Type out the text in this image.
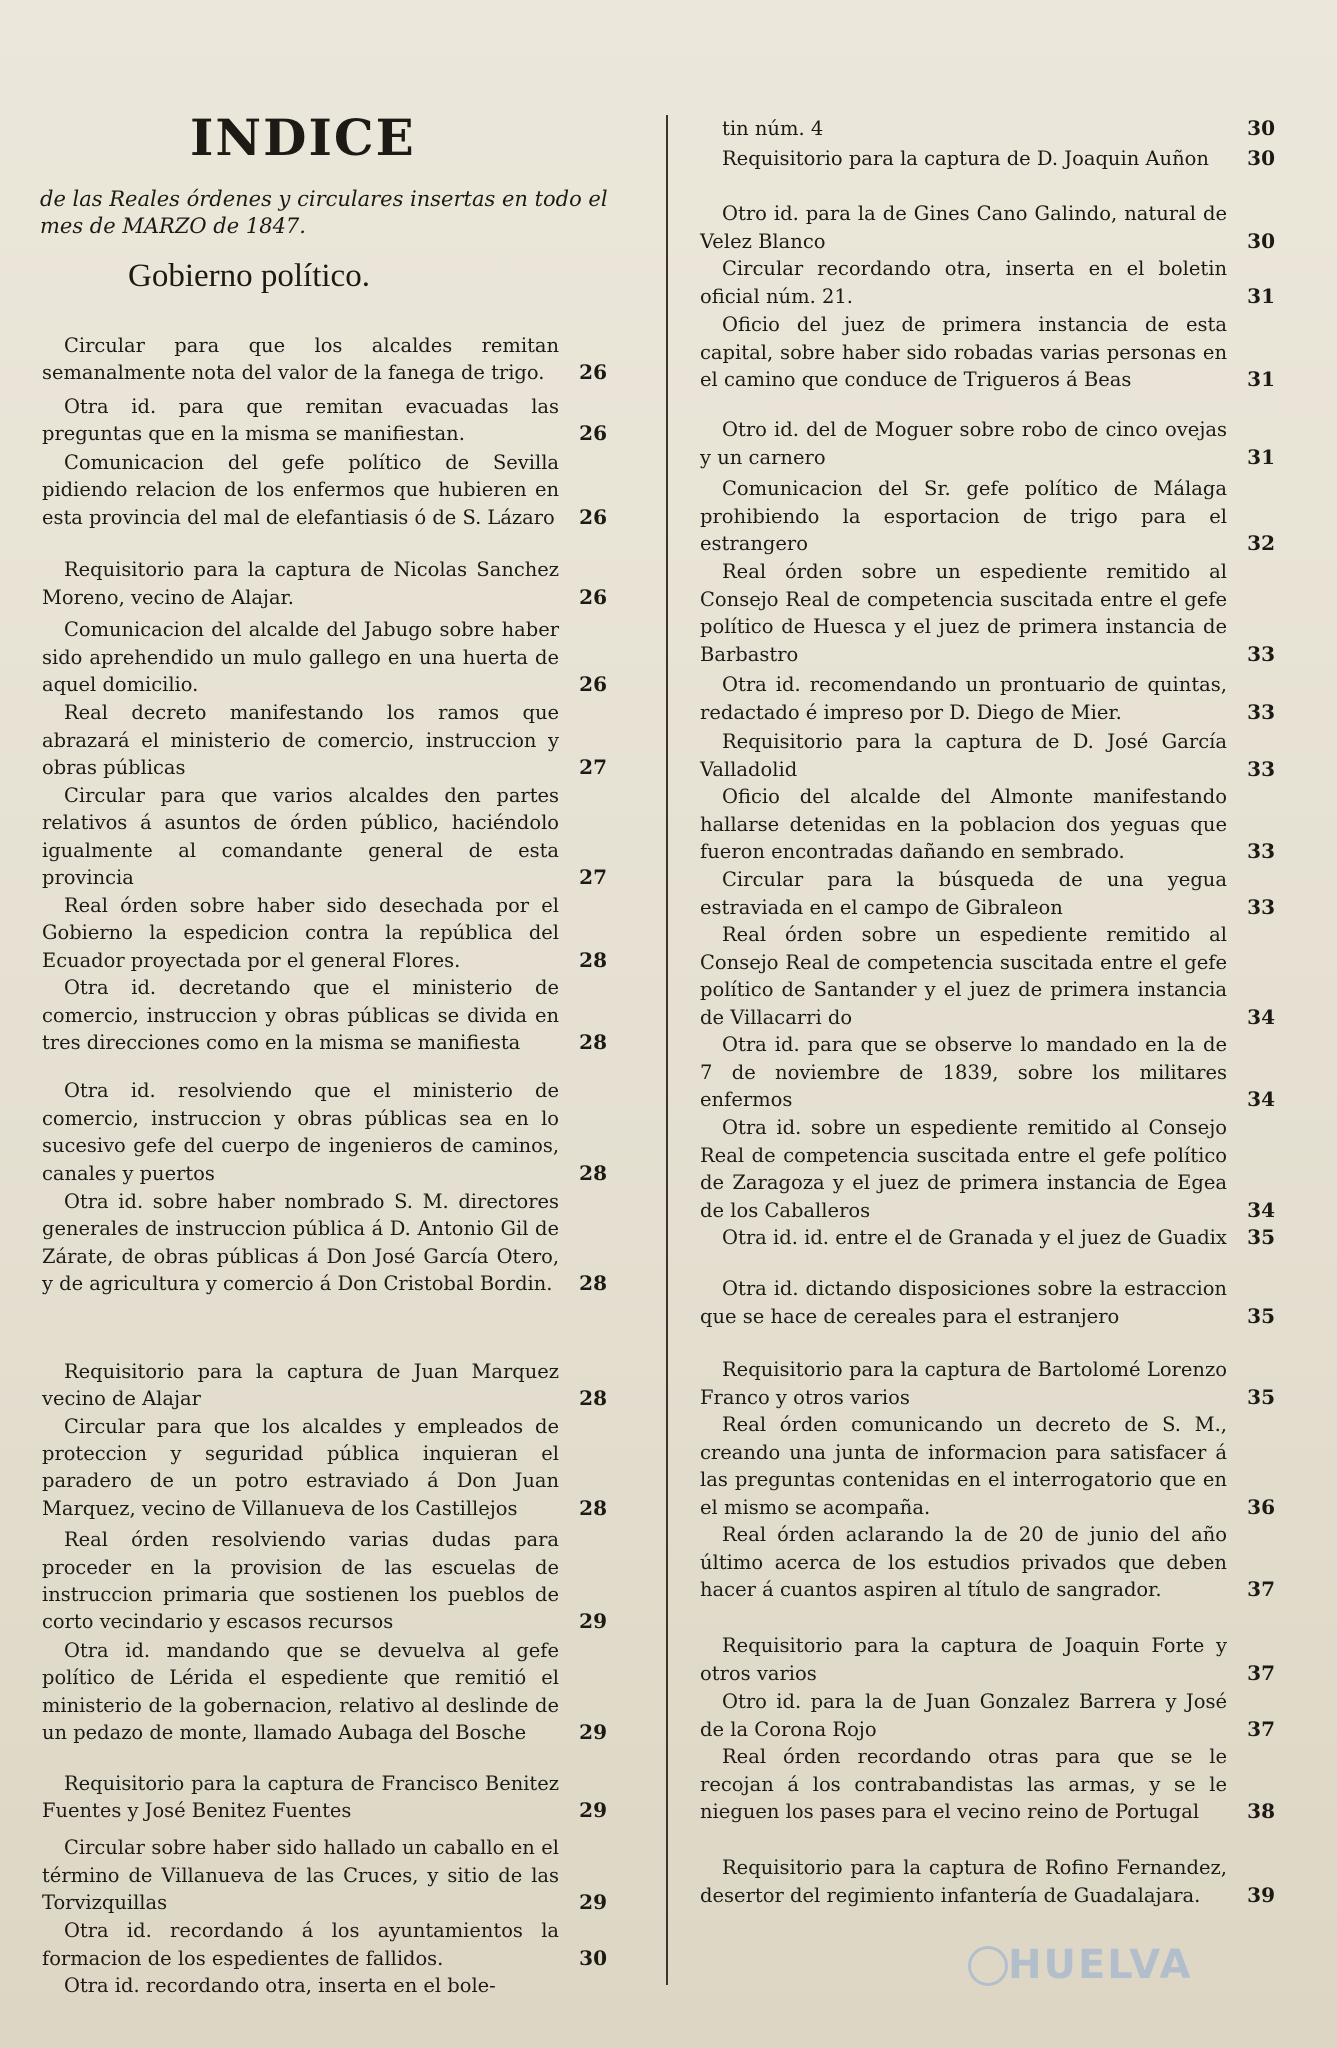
INDICE
de las Reales órdenes y circulares insertas en todo el mes de MARZO de 1847.
Gobierno político.
Circular para que los alcaldes remitan semanalmente nota del valor de la fanega de trigo.	26
Otra id. para que remitan evacuadas las preguntas que en la misma se manifiestan.	26
Comunicacion del gefe político de Sevilla pidiendo relacion de los enfermos que hubieren en esta provincia del mal de elefantiasis ó de S. Lázaro	26
Requisitorio para la captura de Nicolas Sanchez Moreno, vecino de Alajar.	26
Comunicacion del alcalde del Jabugo sobre haber sido aprehendido un mulo gallego en una huerta de aquel domicilio.	26
Real decreto manifestando los ramos que abrazará el ministerio de comercio, instruccion y obras públicas	27
Circular para que varios alcaldes den partes relativos á asuntos de órden público, haciéndolo igualmente al comandante general de esta provincia	27
Real órden sobre haber sido desechada por el Gobierno la espedicion contra la república del Ecuador proyectada por el general Flores.	28
Otra id. decretando que el ministerio de comercio, instruccion y obras públicas se divida en tres direcciones como en la misma se manifiesta	28
Otra id. resolviendo que el ministerio de comercio, instruccion y obras públicas sea en lo sucesivo gefe del cuerpo de ingenieros de caminos, canales y puertos	28
Otra id. sobre haber nombrado S. M. directores generales de instruccion pública á D. Antonio Gil de Zárate, de obras públicas á Don José García Otero, y de agricultura y comercio á Don Cristobal Bordin.	28
Requisitorio para la captura de Juan Marquez vecino de Alajar	28
Circular para que los alcaldes y empleados de proteccion y seguridad pública inquieran el paradero de un potro estraviado á Don Juan Marquez, vecino de Villanueva de los Castillejos	28
Real órden resolviendo varias dudas para proceder en la provision de las escuelas de instruccion primaria que sostienen los pueblos de corto vecindario y escasos recursos	29
Otra id. mandando que se devuelva al gefe político de Lérida el espediente que remitió el ministerio de la gobernacion, relativo al deslinde de un pedazo de monte, llamado Aubaga del Bosche	29
Requisitorio para la captura de Francisco Benitez Fuentes y José Benitez Fuentes	29
Circular sobre haber sido hallado un caballo en el término de Villanueva de las Cruces, y sitio de las Torvizquillas	29
Otra id. recordando á los ayuntamientos la formacion de los espedientes de fallidos.	30
Otra id. recordando otra, inserta en el bole-
tin núm. 4	30
Requisitorio para la captura de D. Joaquin Auñon	30
Otro id. para la de Gines Cano Galindo, natural de Velez Blanco	30
Circular recordando otra, inserta en el boletin oficial núm. 21.	31
Oficio del juez de primera instancia de esta capital, sobre haber sido robadas varias personas en el camino que conduce de Trigueros á Beas	31
Otro id. del de Moguer sobre robo de cinco ovejas y un carnero	31
Comunicacion del Sr. gefe político de Málaga prohibiendo la esportacion de trigo para el estrangero	32
Real órden sobre un espediente remitido al Consejo Real de competencia suscitada entre el gefe político de Huesca y el juez de primera instancia de Barbastro	33
Otra id. recomendando un prontuario de quintas, redactado é impreso por D. Diego de Mier.	33
Requisitorio para la captura de D. José García Valladolid	33
Oficio del alcalde del Almonte manifestando hallarse detenidas en la poblacion dos yeguas que fueron encontradas dañando en sembrado.	33
Circular para la búsqueda de una yegua estraviada en el campo de Gibraleon	33
Real órden sobre un espediente remitido al Consejo Real de competencia suscitada entre el gefe político de Santander y el juez de primera instancia de Villacarri do	34
Otra id. para que se observe lo mandado en la de 7 de noviembre de 1839, sobre los militares enfermos	34
Otra id. sobre un espediente remitido al Consejo Real de competencia suscitada entre el gefe político de Zaragoza y el juez de primera instancia de Egea de los Caballeros	34
Otra id. id. entre el de Granada y el juez de Guadix	35
Otra id. dictando disposiciones sobre la estraccion que se hace de cereales para el estranjero	35
Requisitorio para la captura de Bartolomé Lorenzo Franco y otros varios	35
Real órden comunicando un decreto de S. M., creando una junta de informacion para satisfacer á las preguntas contenidas en el interrogatorio que en el mismo se acompaña.	36
Real órden aclarando la de 20 de junio del año último acerca de los estudios privados que deben hacer á cuantos aspiren al título de sangrador.	37
Requisitorio para la captura de Joaquin Forte y otros varios	37
Otro id. para la de Juan Gonzalez Barrera y José de la Corona Rojo	37
Real órden recordando otras para que se le recojan á los contrabandistas las armas, y se le nieguen los pases para el vecino reino de Portugal	38
Requisitorio para la captura de Rofino Fernandez, desertor del regimiento infantería de Guadalajara.	39
HUELVA
